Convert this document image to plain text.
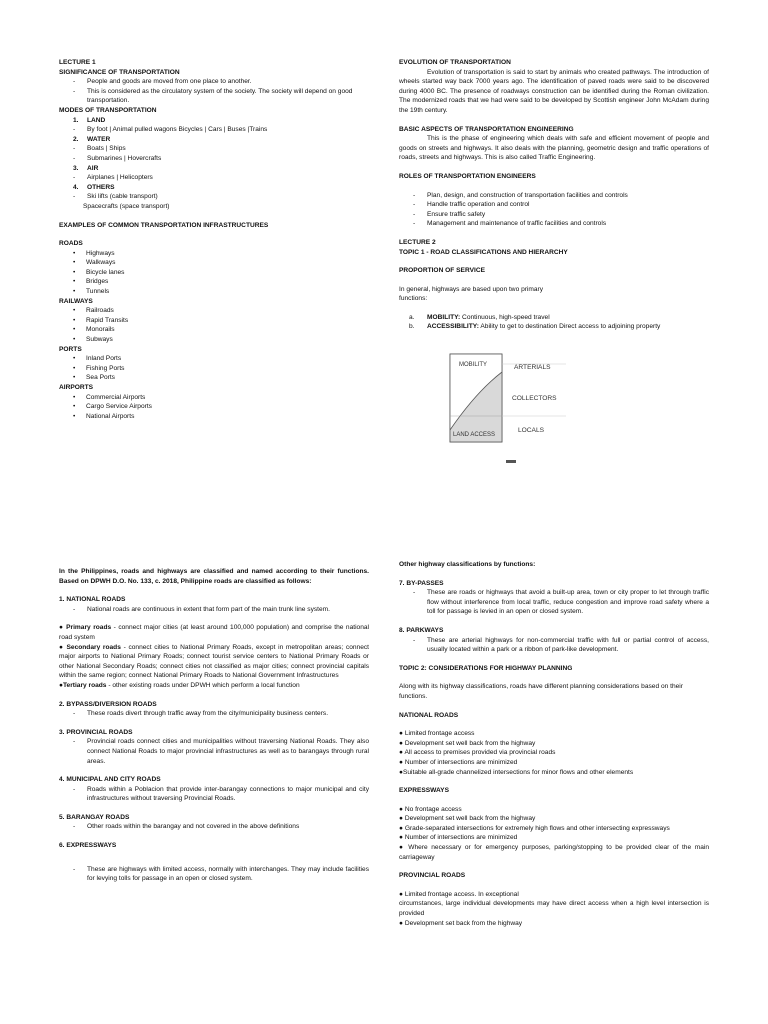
LECTURE 1
SIGNIFICANCE OF TRANSPORTATION
- People and goods are moved from one place to another.
- This is considered as the circulatory system of the society. The society will depend on good transportation.
MODES OF TRANSPORTATION
1. LAND
- By foot | Animal pulled wagons Bicycles | Cars | Buses |Trains
2. WATER
- Boats | Ships
- Submarines | Hovercrafts
3. AIR
- Airplanes | Helicopters
4. OTHERS
- Ski lifts (cable transport)
Spacecrafts (space transport)
EXAMPLES OF COMMON TRANSPORTATION INFRASTRUCTURES
ROADS
• Highways
• Walkways
• Bicycle lanes
• Bridges
• Tunnels
RAILWAYS
• Railroads
• Rapid Transits
• Monorails
• Subways
PORTS
• Inland Ports
• Fishing Ports
• Sea Ports
AIRPORTS
• Commercial Airports
• Cargo Service Airports
• National Airports
EVOLUTION OF TRANSPORTATION

Evolution of transportation is said to start by animals who created pathways. The introduction of wheels started way back 7000 years ago. The identification of paved roads were said to be discovered during 4000 BC. The presence of roadways construction can be identified during the Roman civilization. The modernized roads that we had were said to be developed by Scottish engineer John McAdam during the 19th century.

BASIC ASPECTS OF TRANSPORTATION ENGINEERING

This is the phase of engineering which deals with safe and efficient movement of people and goods on streets and highways. It also deals with the planning, geometric design and traffic operations of roads, streets and highways. This is also called Traffic Engineering.

ROLES OF TRANSPORTATION ENGINEERS
- Plan, design, and construction of transportation facilities and controls
- Handle traffic operation and control
- Ensure traffic safety
- Management and maintenance of traffic facilities and controls
LECTURE 2
TOPIC 1 - ROAD CLASSIFICATIONS AND HIERARCHY
PROPORTION OF SERVICE

In general, highways are based upon two primary functions:

a. MOBILITY: Continuous, high-speed travel
b. ACCESSIBILITY: Ability to get to destination Direct access to adjoining property
MOBILITY
LAND ACCESS
ARTERIALS
COLLECTORS
LOCALS

In the Philippines, roads and highways are classified and named according to their functions. Based on DPWH D.O. No. 133, c. 2018, Philippine roads are classified as follows:

1. NATIONAL ROADS
- National roads are continuous in extent that form part of the main trunk line system.

● Primary roads - connect major cities (at least around 100,000 population) and comprise the national road system

● Secondary roads - connect cities to National Primary Roads, except in metropolitan areas; connect major airports to National Primary Roads; connect tourist service centers to National Primary Roads or other National Secondary Roads; connect cities not classified as major cities; connect provincial capitals within the same region; connect National Primary Roads to National Government Infrastructures

●Tertiary roads - other existing roads under DPWH which perform a local function

2. BYPASS/DIVERSION ROADS
- These roads divert through traffic away from the city/municipality business centers.
3. PROVINCIAL ROADS
- Provincial roads connect cities and municipalities without traversing National Roads. They also connect National Roads to major provincial infrastructures as well as to barangays through rural areas.
4. MUNICIPAL AND CITY ROADS
- Roads within a Poblacion that provide inter-barangay connections to major municipal and city infrastructures without traversing Provincial Roads.
5. BARANGAY ROADS
- Other roads within the barangay and not covered in the above definitions
6. EXPRESSWAYS
- These are highways with limited access, normally with interchanges. They may include facilities for levying tolls for passage in an open or closed system.
Other highway classifications by functions:
7. BY-PASSES
- These are roads or highways that avoid a built-up area, town or city proper to let through traffic flow without interference from local traffic, reduce congestion and improve road safety where a toll for passage is levied in an open or closed system.
8. PARKWAYS
- These are arterial highways for non-commercial traffic with full or partial control of access, usually located within a park or a ribbon of park-like development.
TOPIC 2: CONSIDERATIONS FOR HIGHWAY PLANNING

Along with its highway classifications, roads have different planning considerations based on their functions.

NATIONAL ROADS
● Limited frontage access
● Development set well back from the highway
● All access to premises provided via provincial roads
● Number of intersections are minimized
●Suitable all-grade channelized intersections for minor flows and other elements
EXPRESSWAYS
● No frontage access
● Development set well back from the highway
● Grade-separated intersections for extremely high flows and other intersecting expressways
● Number of intersections are minimized
● Where necessary or for emergency purposes, parking/stopping to be provided clear of the main carriageway
PROVINCIAL ROADS
● Limited frontage access. In exceptional
circumstances, large individual developments may have direct access when a high level intersection is provided
● Development set back from the highway
